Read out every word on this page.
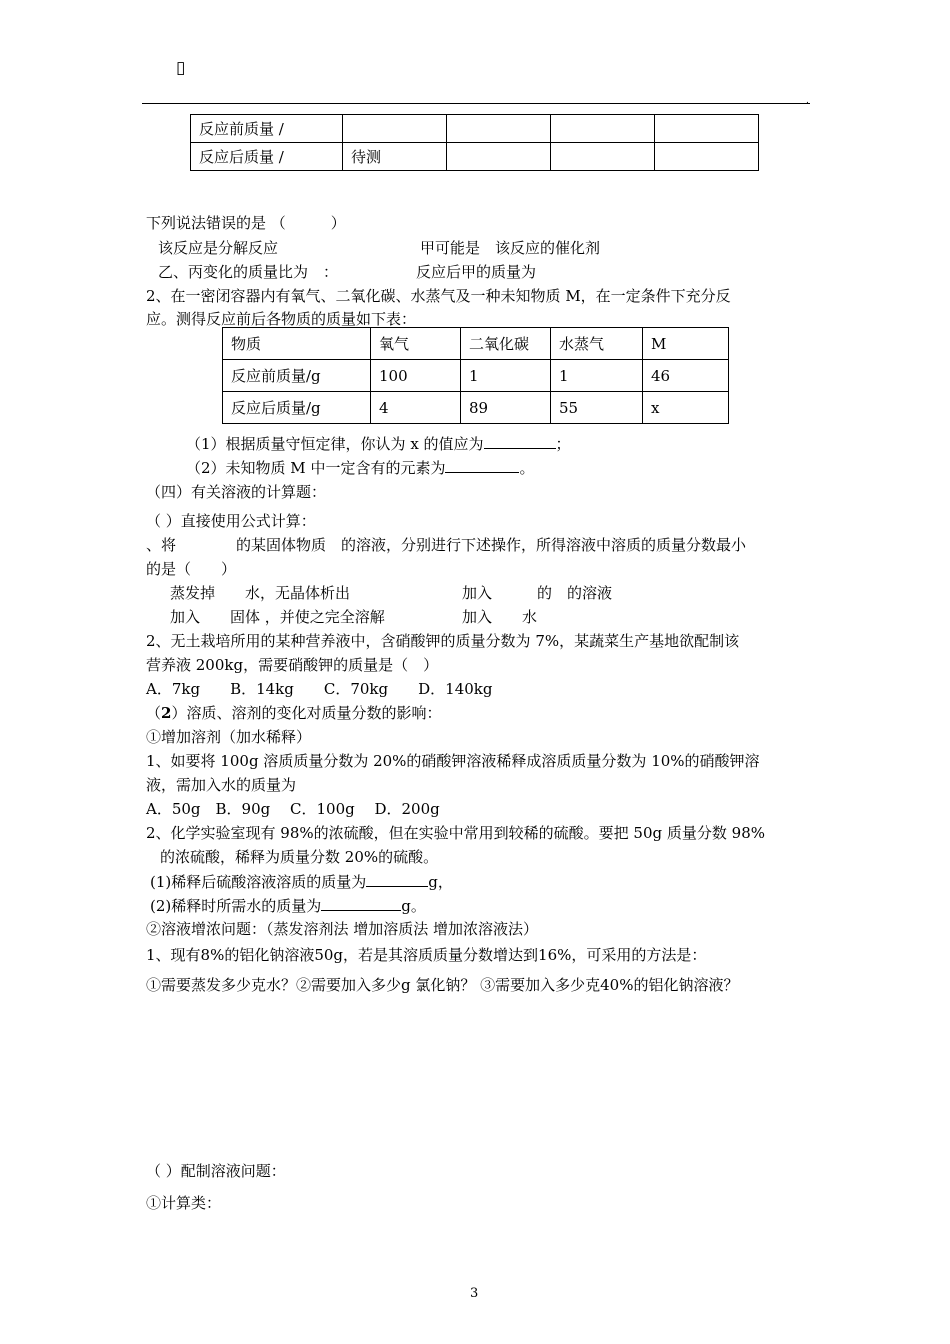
▯
.
反应前质量 /				
反应后质量 /	待测			
下列说法错误的是 （　　　）
该反应是分解反应	甲可能是　该反应的催化剂
乙、丙变化的质量比为　：	反应后甲的质量为
2、在一密闭容器内有氧气、二氧化碳、水蒸气及一种未知物质 M，在一定条件下充分反
应。测得反应前后各物质的质量如下表：
物质	氧气	二氧化碳	水蒸气	M
反应前质量/g	100	1	1	46
反应后质量/g	4	89	55	x
（1）根据质量守恒定律，你认为 x 的值应为	；
（2）未知物质 M 中一定含有的元素为	。
（四）有关溶液的计算题：
（ ）直接使用公式计算：
、将　　　　的某固体物质　的溶液，分别进行下述操作，所得溶液中溶质的质量分数最小
的是（　　）
蒸发掉　　水，无晶体析出	加入　　　的　的溶液
加入　　固体 ，并使之完全溶解	加入　　水
2、无土栽培所用的某种营养液中，含硝酸钾的质量分数为 7%，某蔬菜生产基地欲配制该
营养液 200kg，需要硝酸钾的质量是（　）
A．7kg　　B．14kg　　C．70kg　　D．140kg
（2）溶质、溶剂的变化对质量分数的影响：
①增加溶剂（加水稀释）
1、如要将 100g 溶质质量分数为 20%的硝酸钾溶液稀释成溶质质量分数为 10%的硝酸钾溶
液，需加入水的质量为
A．50g　B．90g　 C．100g　 D．200g
2、化学实验室现有 98%的浓硫酸，但在实验中常用到较稀的硫酸。要把 50g 质量分数 98%
的浓硫酸，稀释为质量分数 20%的硫酸。
(1)稀释后硫酸溶液溶质的质量为	g，
(2)稀释时所需水的质量为	g。
②溶液增浓问题：（蒸发溶剂法 增加溶质法 增加浓溶液法）
1、现有8%的铝化钠溶液50g，若是其溶质质量分数增达到16%，可采用的方法是：
①需要蒸发多少克水？②需要加入多少g 氯化钠？ ③需要加入多少克40%的铝化钠溶液？
（ ）配制溶液问题：
①计算类：
3
